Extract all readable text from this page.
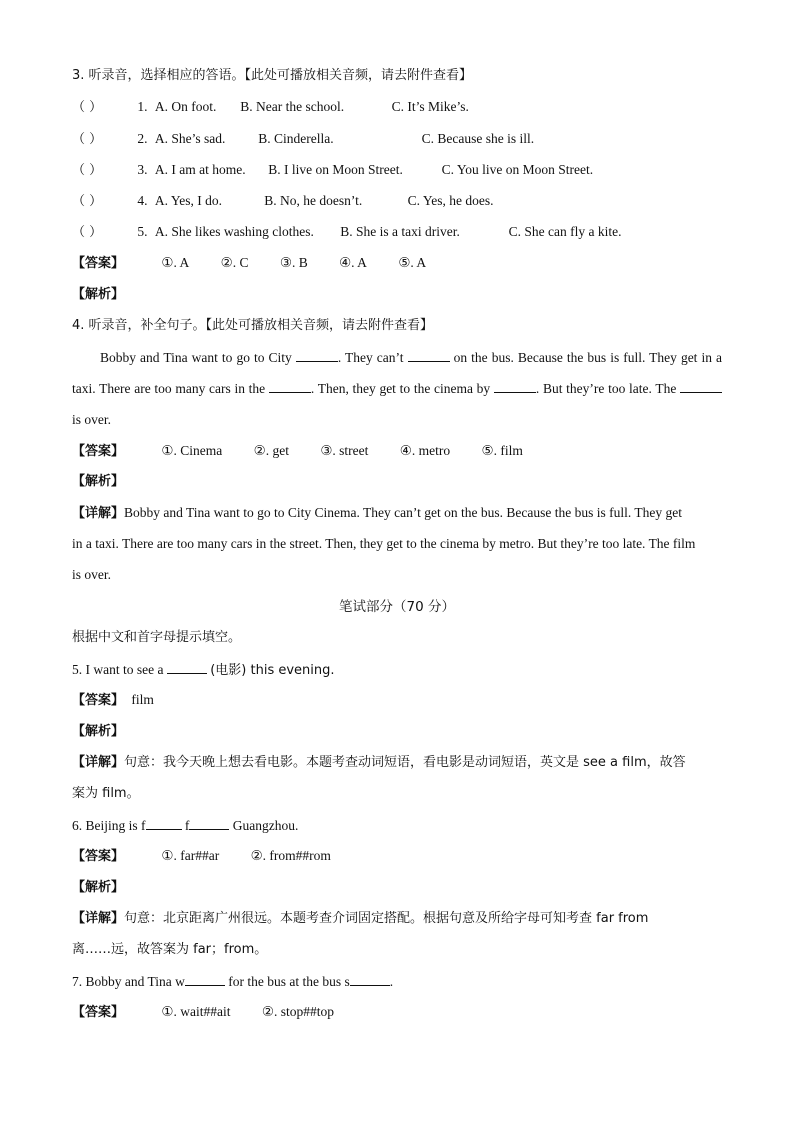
3. 听录音，选择相应的答语。【此处可播放相关音频，请去附件查看】
（ ）	1. A. On foot. B. Near the school.	C. It’s Mike’s.
（ ）	2. A. She’s sad. B. Cinderella.	C. Because she is ill.
（ ）	3. A. I am at home. B. I live on Moon Street.	C. You live on Moon Street.
（ ）	4. A. Yes, I do.	B. No, he doesn’t.	C. Yes, he does.
（ ）	5. A. She likes washing clothes. B. She is a taxi driver.	C. She can fly a kite.
【答案】	①. A ②. C ③. B ④. A ⑤. A
【解析】
4. 听录音，补全句子。【此处可播放相关音频，请去附件查看】
Bobby and Tina want to go to City	. They can’t	on the bus. Because the bus is full. They get in a taxi. There are too many cars in the	. Then, they get to the cinema by	. But they’re too late. The  is over.
【答案】	①. Cinema ②. get ③. street ④. metro ⑤. film
【解析】
【详解】Bobby and Tina want to go to City Cinema. They can’t get on the bus. Because the bus is full. They get
in a taxi. There are too many cars in the street. Then, they get to the cinema by metro. But they’re too late. The film
is over.
笔试部分（70 分）
根据中文和首字母提示填空。
5. I want to see a	(电影) this evening.
【答案】 film
【解析】
【详解】句意：我今天晚上想去看电影。本题考查动词短语，看电影是动词短语，英文是 see a film，故答
案为 film。
6. Beijing is f	f	Guangzhou.
【答案】	①. far##ar ②. from##rom
【解析】
【详解】句意：北京距离广州很远。本题考查介词固定搭配。根据句意及所给字母可知考查 far from
离……远，故答案为 far；from。
7. Bobby and Tina w	for the bus at the bus s	.
【答案】	①. wait##ait ②. stop##top
